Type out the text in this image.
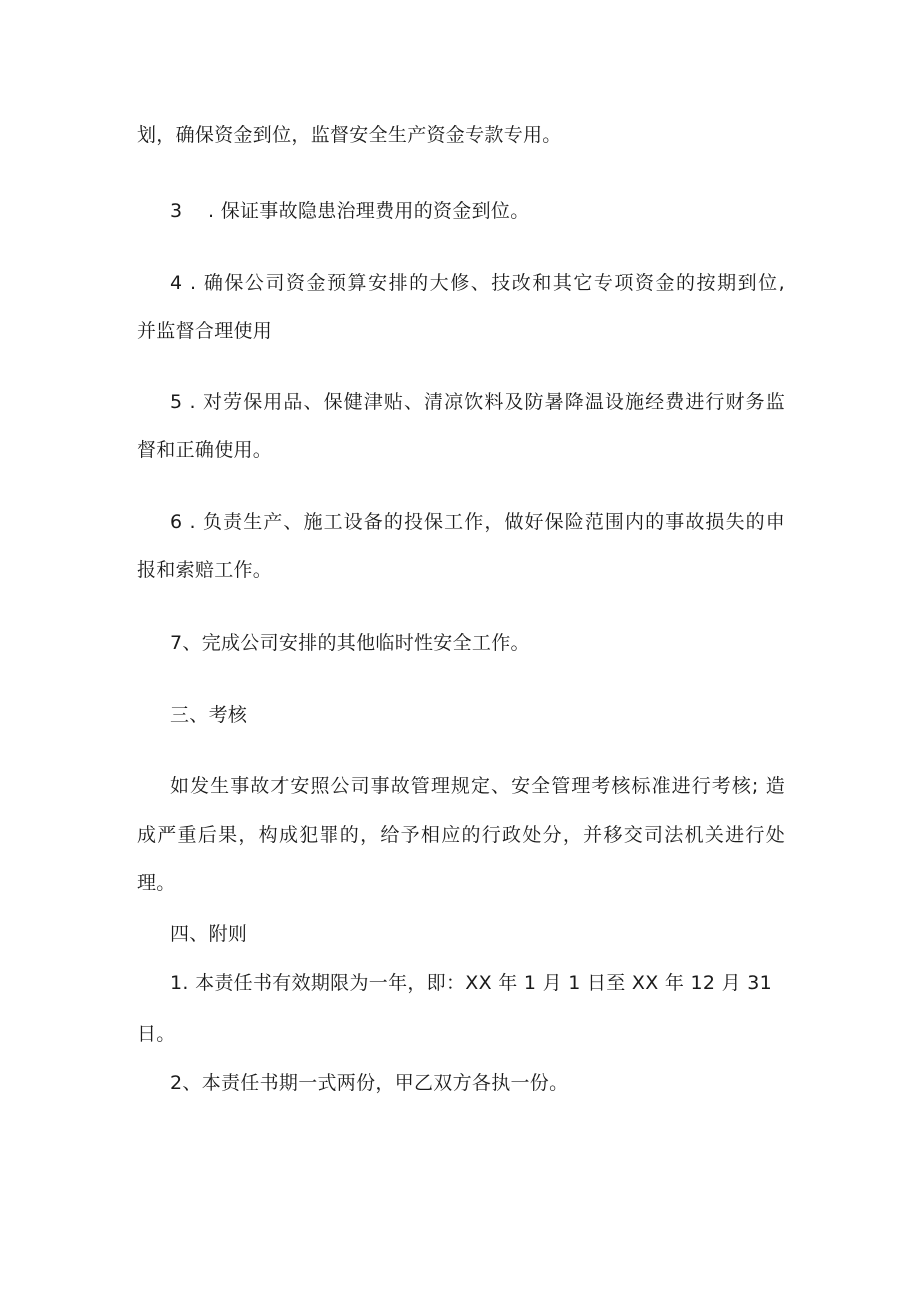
划，确保资金到位，监督安全生产资金专款专用。
3　 . 保证事故隐患治理费用的资金到位。
4 . 确保公司资金预算安排的大修、技改和其它专项资金的按期到位,
并监督合理使用
5 . 对劳保用品、保健津贴、清凉饮料及防暑降温设施经费进行财务监
督和正确使用。
6 . 负责生产、施工设备的投保工作，做好保险范围内的事故损失的申
报和索赔工作。
7、完成公司安排的其他临时性安全工作。
三、考核
如发生事故才安照公司事故管理规定、安全管理考核标准进行考核; 造
成严重后果，构成犯罪的，给予相应的行政处分，并移交司法机关进行处
理。
四、附则
1. 本责任书有效期限为一年，即：XX 年 1 月 1 日至 XX 年 12 月 31
日。
2、本责任书期一式两份，甲乙双方各执一份。
